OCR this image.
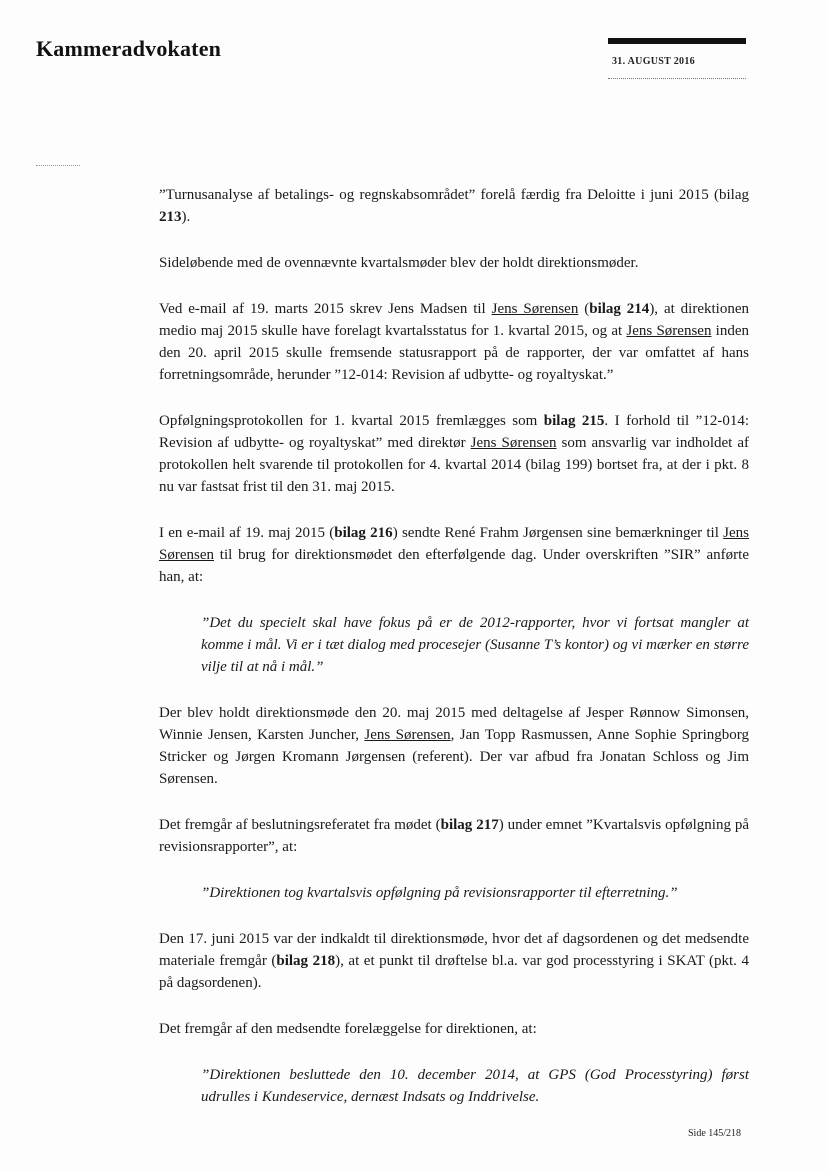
Kammeradvokaten
31. AUGUST 2016

”Turnusanalyse af betalings- og regnskabsområdet” forelå færdig fra Deloitte i juni 2015 (bilag 213).

Sideløbende med de ovennævnte kvartalsmøder blev der holdt direktionsmøder.

Ved e-mail af 19. marts 2015 skrev Jens Madsen til Jens Sørensen (bilag 214), at direktionen medio maj 2015 skulle have forelagt kvartalsstatus for 1. kvartal 2015, og at Jens Sørensen inden den 20. april 2015 skulle fremsende statusrapport på de rapporter, der var omfattet af hans forretningsområde, herunder ”12-014: Revision af udbytte- og royaltyskat.”

Opfølgningsprotokollen for 1. kvartal 2015 fremlægges som bilag 215. I forhold til ”12-014: Revision af udbytte- og royaltyskat” med direktør Jens Sørensen som ansvarlig var indholdet af protokollen helt svarende til protokollen for 4. kvartal 2014 (bilag 199) bortset fra, at der i pkt. 8 nu var fastsat frist til den 31. maj 2015.

I en e-mail af 19. maj 2015 (bilag 216) sendte René Frahm Jørgensen sine bemærkninger til Jens Sørensen til brug for direktionsmødet den efterfølgende dag. Under overskriften ”SIR” anførte han, at:

”Det du specielt skal have fokus på er de 2012-rapporter, hvor vi fortsat mangler at komme i mål. Vi er i tæt dialog med procesejer (Susanne T’s kontor) og vi mærker en større vilje til at nå i mål.”

Der blev holdt direktionsmøde den 20. maj 2015 med deltagelse af Jesper Rønnow Simonsen, Winnie Jensen, Karsten Juncher, Jens Sørensen, Jan Topp Rasmussen, Anne Sophie Springborg Stricker og Jørgen Kromann Jørgensen (referent). Der var afbud fra Jonatan Schloss og Jim Sørensen.

Det fremgår af beslutningsreferatet fra mødet (bilag 217) under emnet ”Kvartalsvis opfølgning på revisionsrapporter”, at:

”Direktionen tog kvartalsvis opfølgning på revisionsrapporter til efterretning.”

Den 17. juni 2015 var der indkaldt til direktionsmøde, hvor det af dagsordenen og det medsendte materiale fremgår (bilag 218), at et punkt til drøftelse bl.a. var god processtyring i SKAT (pkt. 4 på dagsordenen).

Det fremgår af den medsendte forelæggelse for direktionen, at:

”Direktionen besluttede den 10. december 2014, at GPS (God Processtyring) først udrulles i Kundeservice, dernæst Indsats og Inddrivelse.

Side 145/218
